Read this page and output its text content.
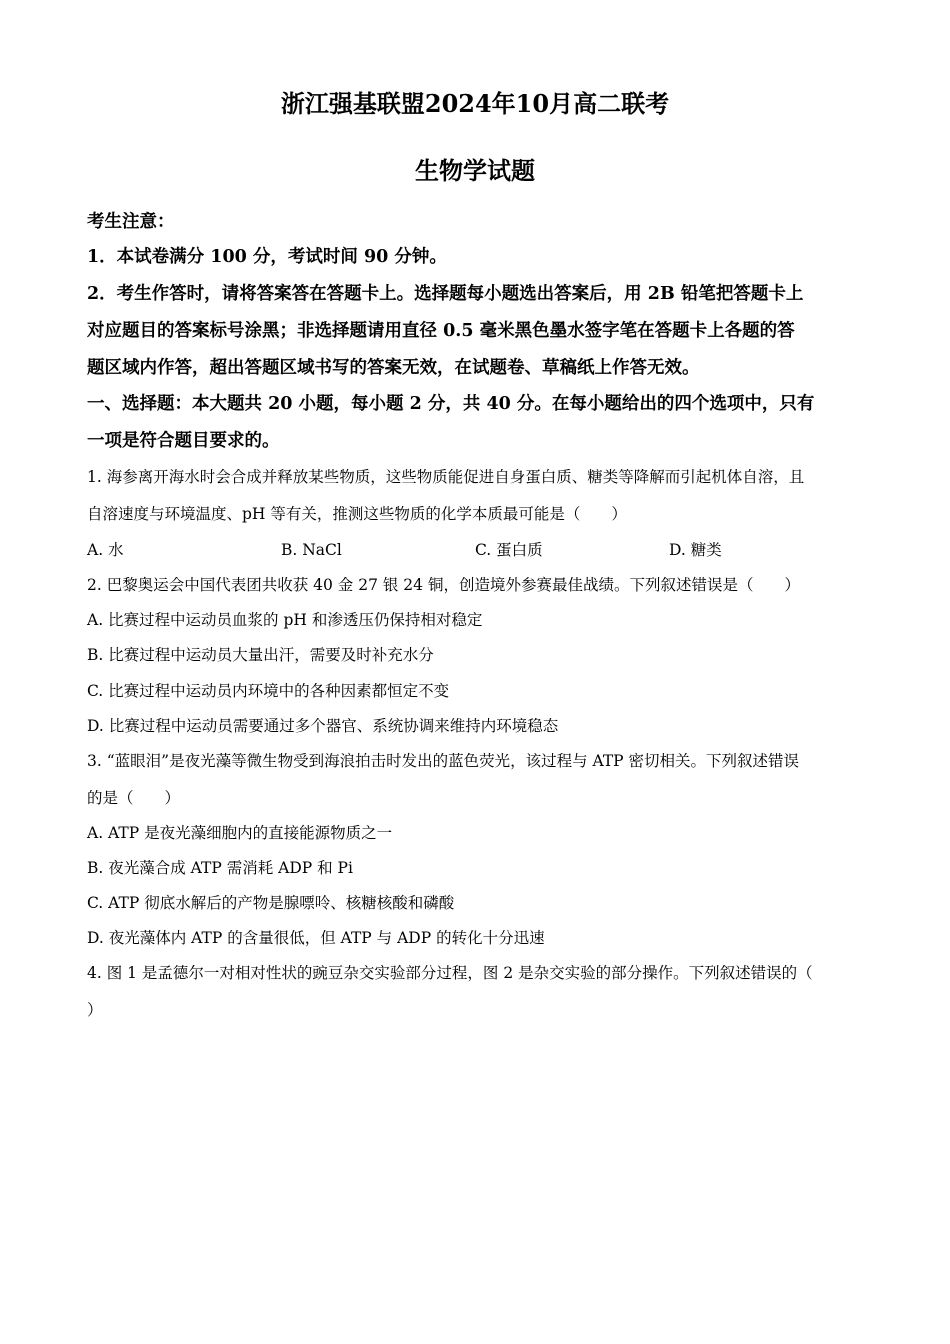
浙江强基联盟2024年10月高二联考
生物学试题
考生注意：
1．本试卷满分 100 分，考试时间 90 分钟。
2．考生作答时，请将答案答在答题卡上。选择题每小题选出答案后，用 2B 铅笔把答题卡上
对应题目的答案标号涂黑；非选择题请用直径 0.5 毫米黑色墨水签字笔在答题卡上各题的答
题区域内作答，超出答题区域书写的答案无效，在试题卷、草稿纸上作答无效。
一、选择题：本大题共 20 小题，每小题 2 分，共 40 分。在每小题给出的四个选项中，只有
一项是符合题目要求的。
1. 海参离开海水时会合成并释放某些物质，这些物质能促进自身蛋白质、糖类等降解而引起机体自溶，且
自溶速度与环境温度、pH 等有关，推测这些物质的化学本质最可能是（　　）
A. 水	B. NaCl	C. 蛋白质	D. 糖类
2. 巴黎奥运会中国代表团共收获 40 金 27 银 24 铜，创造境外参赛最佳战绩。下列叙述错误是（　　）
A. 比赛过程中运动员血浆的 pH 和渗透压仍保持相对稳定
B. 比赛过程中运动员大量出汗，需要及时补充水分
C. 比赛过程中运动员内环境中的各种因素都恒定不变
D. 比赛过程中运动员需要通过多个器官、系统协调来维持内环境稳态
3. “蓝眼泪”是夜光藻等微生物受到海浪拍击时发出的蓝色荧光，该过程与 ATP 密切相关。下列叙述错误
的是（　　）
A. ATP 是夜光藻细胞内的直接能源物质之一
B. 夜光藻合成 ATP 需消耗 ADP 和 Pi
C. ATP 彻底水解后的产物是腺嘌呤、核糖核酸和磷酸
D. 夜光藻体内 ATP 的含量很低，但 ATP 与 ADP 的转化十分迅速
4. 图 1 是孟德尔一对相对性状的豌豆杂交实验部分过程，图 2 是杂交实验的部分操作。下列叙述错误的（
）
